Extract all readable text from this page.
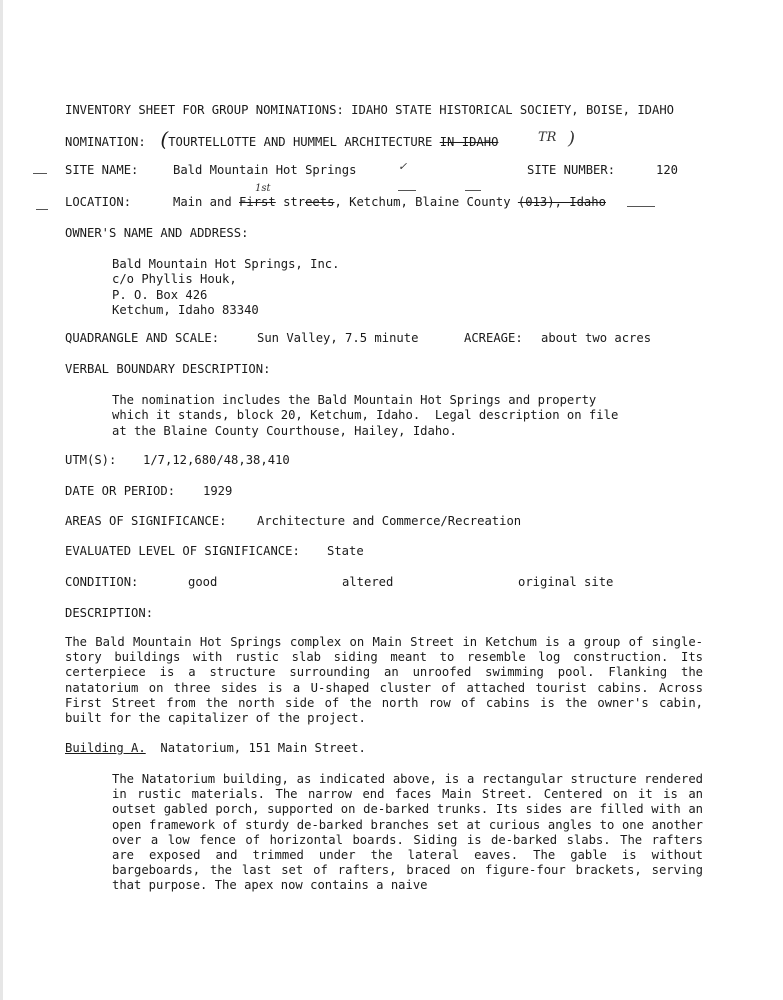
INVENTORY SHEET FOR GROUP NOMINATIONS: IDAHO STATE HISTORICAL SOCIETY, BOISE, IDAHO
NOMINATION: (TOURTELLOTTE AND HUMMEL ARCHITECTURE IN IDAHO	TR )
SITE NAME:	Bald Mountain Hot Springs	✓	SITE NUMBER:	120
LOCATION:	Main and First streets, Ketchum, Blaine County (013), Idaho
1st
OWNER'S NAME AND ADDRESS:
Bald Mountain Hot Springs, Inc.
c/o Phyllis Houk,
P. O. Box 426
Ketchum, Idaho 83340
QUADRANGLE AND SCALE:	Sun Valley, 7.5 minute	ACREAGE: about two acres
VERBAL BOUNDARY DESCRIPTION:
The nomination includes the Bald Mountain Hot Springs and property
which it stands, block 20, Ketchum, Idaho.  Legal description on file
at the Blaine County Courthouse, Hailey, Idaho.
UTM(S): 1/7,12,680/48,38,410
DATE OR PERIOD: 1929
AREAS OF SIGNIFICANCE:	Architecture and Commerce/Recreation
EVALUATED LEVEL OF SIGNIFICANCE: State
CONDITION:	good	altered	original site
DESCRIPTION:
The Bald Mountain Hot Springs complex on Main Street in Ketchum is a group of single-story buildings with rustic slab siding meant to resemble log construction. Its certerpiece is a structure surrounding an unroofed swimming pool. Flanking the natatorium on three sides is a U-shaped cluster of attached tourist cabins. Across First Street from the north side of the north row of cabins is the owner's cabin, built for the capitalizer of the project.
Building A. Natatorium, 151 Main Street.
The Natatorium building, as indicated above, is a rectangular structure rendered in rustic materials. The narrow end faces Main Street. Centered on it is an outset gabled porch, supported on de-barked trunks. Its sides are filled with an open framework of sturdy de-barked branches set at curious angles to one another over a low fence of horizontal boards. Siding is de-barked slabs. The rafters are exposed and trimmed under the lateral eaves. The gable is without bargeboards, the last set of rafters, braced on figure-four brackets, serving that purpose. The apex now contains a naive
